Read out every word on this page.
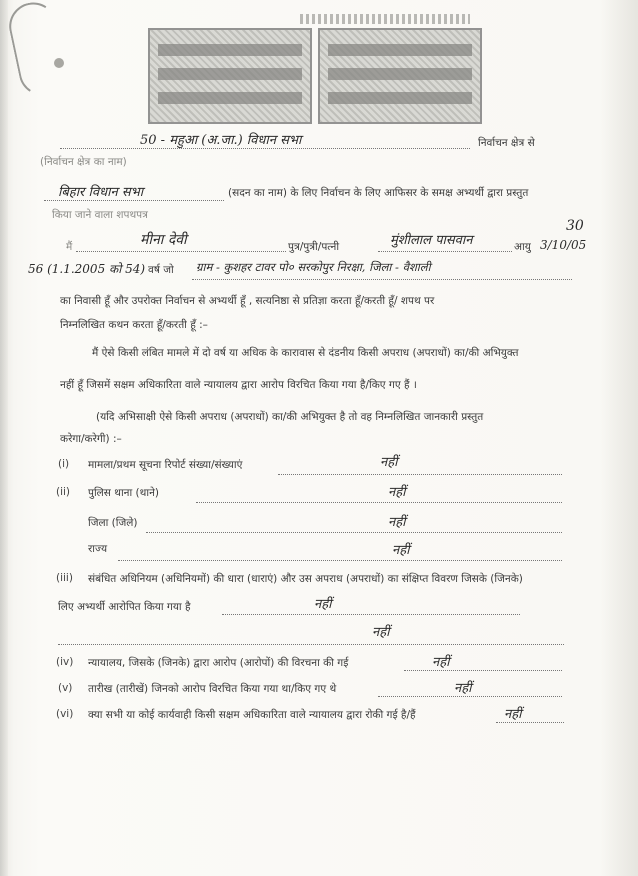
50 - महुआ (अ.जा.) विधान सभा	निर्वाचन क्षेत्र से
(निर्वाचन क्षेत्र का नाम)
बिहार विधान सभा	(सदन का नाम) के लिए निर्वाचन के लिए आफिसर के समक्ष अभ्यर्थी द्वारा प्रस्तुत
किया जाने वाला शपथपत्र
मैं	मीना देवी	पुत्र/पुत्री/पत्नी	मुंशीलाल पासवान	आयु
30
3/10/05
56 (1.1.2005 को 54) वर्ष जो ग्राम - कुशहर टावर पो० सरकोपुर निरक्षा, जिला - वैशाली
का निवासी हूँ और उपरोक्त निर्वाचन से अभ्यर्थी हूँ , सत्यनिष्ठा से प्रतिज्ञा करता हूँ/करती हूँ/ शपथ पर
निम्नलिखित कथन करता हूँ/करती हूँ :–
मैं ऐसे किसी लंबित मामले में दो वर्ष या अधिक के कारावास से दंडनीय किसी अपराध (अपराधों) का/की अभियुक्त
नहीं हूँ जिसमें सक्षम अधिकारिता वाले न्यायालय द्वारा आरोप विरचित किया गया है/किए गए हैं ।
(यदि अभिसाक्षी ऐसे किसी अपराध (अपराधों) का/की अभियुक्त है तो वह निम्नलिखित जानकारी प्रस्तुत
करेगा/करेगी) :–
(i) मामला/प्रथम सूचना रिपोर्ट संख्या/संख्याएं	नहीं
(ii) पुलिस थाना (थाने)	नहीं
जिला (जिले)	नहीं
राज्य	नहीं
(iii) संबंधित अधिनियम (अधिनियमों) की धारा (धाराएं) और उस अपराध (अपराधों) का संक्षिप्त विवरण जिसके (जिनके)
लिए अभ्यर्थी आरोपित किया गया है	नहीं
नहीं
(iv) न्यायालय, जिसके (जिनके) द्वारा आरोप (आरोपों) की विरचना की गई	नहीं
(v) तारीख (तारीखें) जिनको आरोप विरचित किया गया था/किए गए थे	नहीं
(vi) क्या सभी या कोई कार्यवाही किसी सक्षम अधिकारिता वाले न्यायालय द्वारा रोकी गई है/हैं	नहीं
